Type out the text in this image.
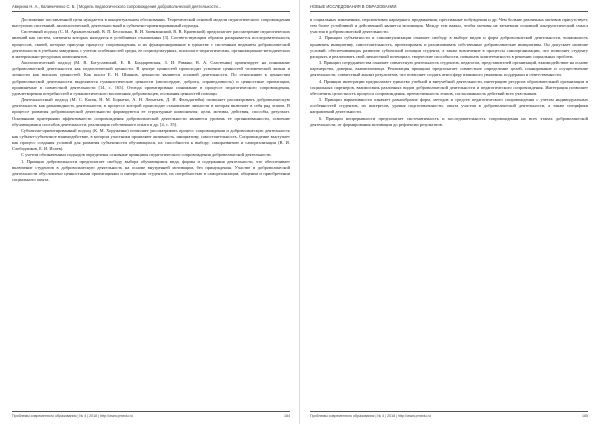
Аверина Н. А., Калиниченко С. Б. | Модель педагогического сопровождения добровольческой деятельности...

Достижение поставленной цели нуждается в концептуальном обосновании. Теоретической основой модели педагогического сопровождения выступили системный, аксиологический, деятельностный и субъектно-ориентированный подходы.

Системный подход (С. И. Архангельский, В. П. Беспалько, В. И. Загвязинский, В. В. Краевский) предполагает рассмотрение педагогических явлений как систем, элементы которых находятся в устойчивых отношениях [3]. Соответствующим образом раскрывается последовательность процессов, связей, которые присущи процессу сопровождения, и их функционирование в единстве с системным ведением добровольческой деятельности в учебном заведении, с учетом особенностей среды, ее социокультурных, психолого-педагогических, организационно-методических и материально-ресурсных компонентов.

Аксиологический подход (М. В. Богуславский, Е. В. Бондаревская, З. И. Равкин, В. А. Сластенин) ориентирует на понимание добровольческой деятельности как педагогической ценности. В центре ценностей происходит усвоение ценностей человеческой жизни и личности как высших ценностей. Как писал Е. Н. Шиянов, ценности являются основой деятельности. По отношению к ценностям добровольческой деятельности выделяются гуманистические ценности (милосердие, доброта, справедливость) и ценностные ориентации, проявляемые в совместной деятельности [14, с. 165]. Отсюда ориентировано понимание в процессе педагогического сопровождения, удовлетворения потребностей и гуманистического воспитания добровольцев, осознания ценностей помощи.

Деятельностный подход (М. С. Каган, Н. М. Борытко, А. Н. Леонтьев, Д. И. Фельдштейн) позволяет рассматривать добровольческую деятельность как разновидность деятельности, в процессе которой происходит становление личности и которая включает в себя ряд этапов. В процессе развития добровольческой деятельности формируются ее структурные компоненты: цели, мотивы, действия, способы, результат. Основными критериями эффективности сопровождения добровольческой деятельности являются уровень ее организованности, освоение обучающимися способов деятельности, реализация собственного опыта и др. [4, с. 35].

Субъектно-ориентированный подход (К. М. Хоруженко) позволяет рассматривать процесс сопровождения и добровольческую деятельность как субъект-субъектное взаимодействие, в котором участники проявляют активность, инициативу, самостоятельность. Сопровождение выступает как процесс создания условий для развития субъектности обучающихся, их способности к выбору, саморазвитию и самореализации (В. И. Слободчиков, Е. И. Исаев).

С учетом обозначенных подходов определены основные принципы педагогического сопровождения добровольческой деятельности.

1. Принцип добровольности предполагает свободу выбора обучающимся вида, формы и содержания деятельности, что обеспечивает включение студентов в добровольческую деятельность на основе внутренней мотивации, без принуждения. Участие в добровольческой деятельности обусловлено ценностными ориентациями и интересами студентов, их потребностью в самореализации, общении и приобретении социального опыта.

Проблемы современного образования | № 4 | 2018 | http://www.pmedu.ru	184
НОВЫЕ ИССЛЕДОВАНИЯ В ОБРАЗОВАНИИ

в социальных изменениях, перспективах карьерного продвижения, престижные побуждения и др. Чем больше различных мотивов присутствует, тем более устойчивой и действенной является мотивация. Между тем важно, чтобы мотивы не затмевали основной альтруистический смысл участия в добровольческой деятельности.

2. Принцип субъектности и самоактуализации означает свободу в выборе видов и форм добровольческой деятельности, возможность проявлять инициативу, самостоятельность, проектировать и реализовывать собственные добровольческие инициативы. Он допускает наличие условий, обеспечивающих развитие субъектной позиции студента, а также вовлечение в процессы самоорганизации, что позволяет студенту раскрыть и реализовать свой личностный потенциал, творческие способности, повышать компетентность в решении социальных проблем.

3. Принцип сотрудничества означает совместную деятельность студентов, педагогов, представителей организаций, взаимодействие на основе партнерства, доверия, взаимопомощи. Реализация принципа предполагает совместное определение целей, планирование и осуществление деятельности, совместный анализ результатов, что позволяет создать атмосферу взаимного уважения, поддержки и ответственности.

4. Принцип интеграции предполагает единство учебной и внеучебной деятельности, интеграцию ресурсов образовательной организации и социальных партнеров, взаимосвязь различных видов добровольческой деятельности и педагогического сопровождения. Интеграция позволяет обеспечить целостность процесса сопровождения, преемственность этапов, согласованность действий всех участников.

5. Принцип вариативности означает разнообразие форм, методов и средств педагогического сопровождения с учетом индивидуальных особенностей студентов, их интересов, уровня подготовленности, опыта участия в добровольческой деятельности, а также специфики направлений деятельности.

6. Принцип непрерывности предполагает систематичность и последовательность сопровождения на всех этапах добровольческой деятельности, от формирования мотивации до рефлексии результатов.

Проблемы современного образования | № 4 | 2018 | http://www.pmedu.ru	185
